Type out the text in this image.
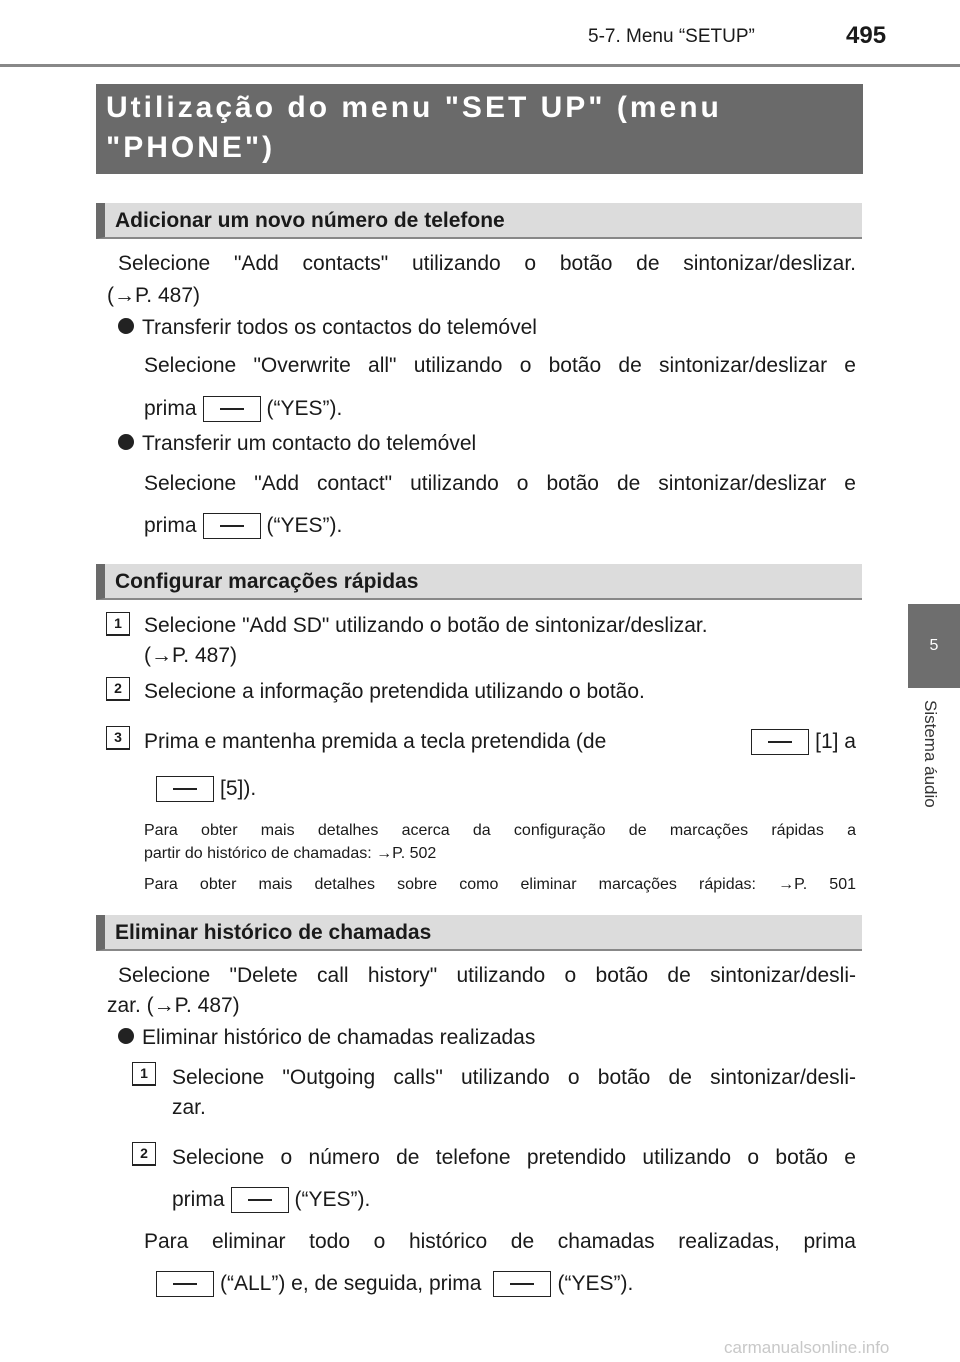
5-7. Menu “SETUP”	495
5
Sistema áudio
Utilização do menu "SET UP" (menu "PHONE")
Adicionar um novo número de telefone
Selecione "Add contacts" utilizando o botão de sintonizar/deslizar.
(→P. 487)
Transferir todos os contactos do telemóvel
Selecione "Overwrite all" utilizando o botão de sintonizar/deslizar e
prima	(“YES”).
Transferir um contacto do telemóvel
Selecione "Add contact" utilizando o botão de sintonizar/deslizar e
prima	(“YES”).
Configurar marcações rápidas
1	Selecione "Add SD" utilizando o botão de sintonizar/deslizar.
(→P. 487)
2	Selecione a informação pretendida utilizando o botão.
3	Prima e mantenha premida a tecla pretendida (de	[1] a
[5]).
Para obter mais detalhes acerca da configuração de marcações rápidas a
partir do histórico de chamadas: →P. 502
Para obter mais detalhes sobre como eliminar marcações rápidas: →P. 501
Eliminar histórico de chamadas
Selecione "Delete call history" utilizando o botão de sintonizar/desli-
zar. (→P. 487)
Eliminar histórico de chamadas realizadas
1	Selecione "Outgoing calls" utilizando o botão de sintonizar/desli-
zar.
2	Selecione o número de telefone pretendido utilizando o botão e
prima	(“YES”).
Para eliminar todo o histórico de chamadas realizadas, prima
(“ALL”) e, de seguida, prima	(“YES”).
carmanualsonline.info
